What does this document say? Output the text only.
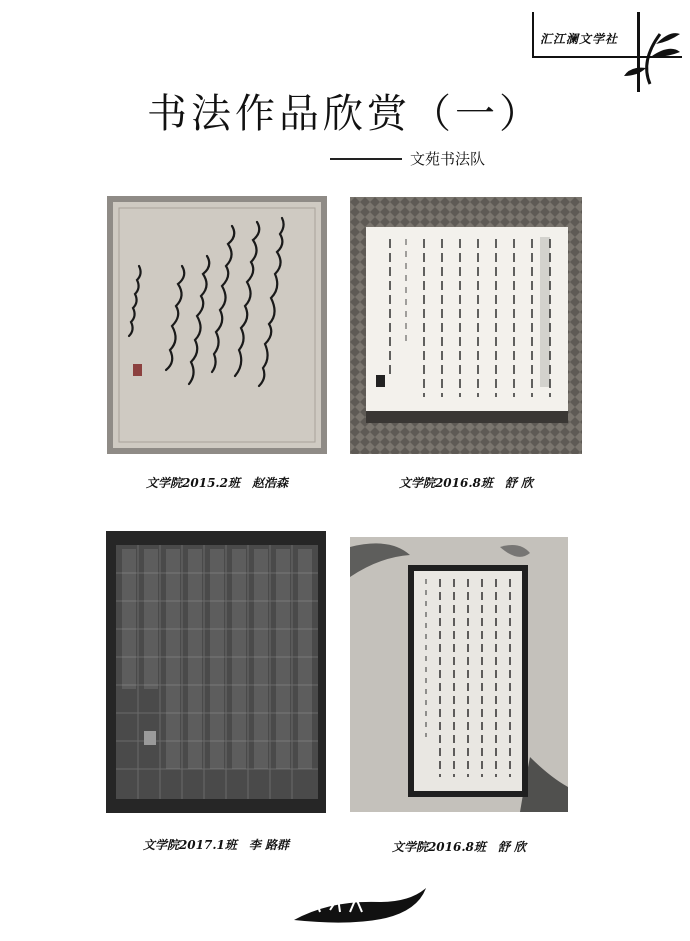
汇江澜文学社
书法作品欣赏（一）
文苑书法队
文学院2015.2班　赵浩森	文学院2016.8班　舒 欣
文学院2017.1班　李 路群	文学院2016.8班　舒 欣
